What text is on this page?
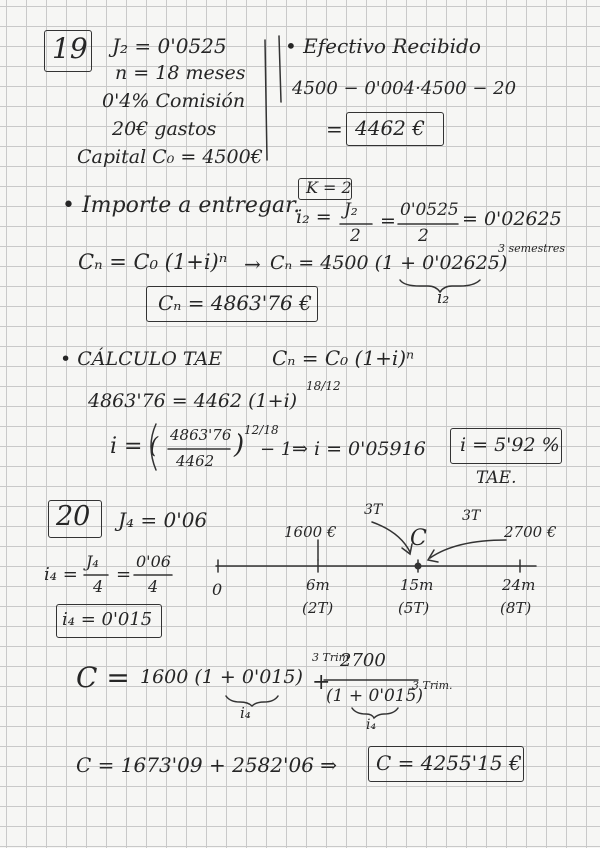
19 J₂ = 0'0525
n = 18 meses
0'4% Comisión
20€ gastos
Capital C₀ = 4500€
• Efectivo Recibido
4500 − 0'004·4500 − 20
= 4462 €
• Importe a entregar.
K = 2
i₂ = J₂
2
= 0'0525
2
= 0'02625
Cₙ = C₀ (1+i)ⁿ → Cₙ = 4500 (1 + 0'02625)
3 semestres
i₂
Cₙ = 4863'76 €
• CÁLCULO TAE Cₙ = C₀ (1+i)ⁿ
4863'76 = 4462 (1+i)
18/12
i = ( 4863'76
4462
) 12/18
− 1 ⇒ i = 0'05916 i = 5'92 %
TAE.
20 J₄ = 0'06
i₄ =
J₄
4
=
0'06
4
i₄ = 0'015
1600 €	2700 €
C
3T	3T
0	6m
(2T)
15m
(5T)
24m
(8T)
C = 1600 (1 + 0'015)
3 Trim
i₄
+
2700
(1 + 0'015)
3 Trim.
i₄
C = 1673'09 + 2582'06 ⇒ C = 4255'15 €
